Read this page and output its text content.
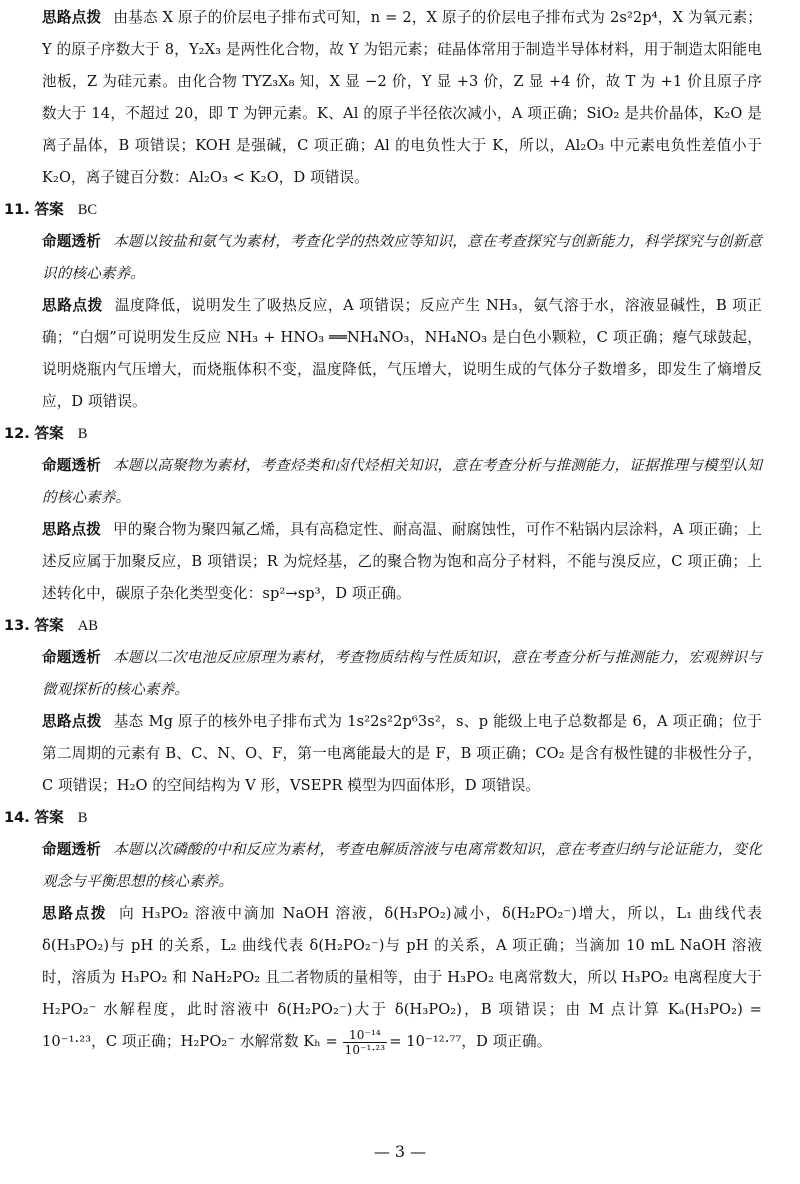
思路点拨 由基态 X 原子的价层电子排布式可知，n = 2，X 原子的价层电子排布式为 2s²2p⁴，X 为氧元素；Y 的原子序数大于 8，Y₂X₃ 是两性化合物，故 Y 为铝元素；硅晶体常用于制造半导体材料，用于制造太阳能电池板，Z 为硅元素。由化合物 TYZ₃X₈ 知，X 显 −2 价，Y 显 +3 价，Z 显 +4 价，故 T 为 +1 价且原子序数大于 14，不超过 20，即 T 为钾元素。K、Al 的原子半径依次减小，A 项正确；SiO₂ 是共价晶体，K₂O 是离子晶体，B 项错误；KOH 是强碱，C 项正确；Al 的电负性大于 K，所以，Al₂O₃ 中元素电负性差值小于 K₂O，离子键百分数：Al₂O₃ < K₂O，D 项错误。

11. 答案 BC

命题透析 本题以铵盐和氨气为素材，考查化学的热效应等知识，意在考查探究与创新能力，科学探究与创新意识的核心素养。

思路点拨 温度降低，说明发生了吸热反应，A 项错误；反应产生 NH₃，氨气溶于水，溶液显碱性，B 项正确；“白烟”可说明发生反应 NH₃ + HNO₃ ══NH₄NO₃，NH₄NO₃ 是白色小颗粒，C 项正确；瘪气球鼓起，说明烧瓶内气压增大，而烧瓶体积不变，温度降低，气压增大，说明生成的气体分子数增多，即发生了熵增反应，D 项错误。

12. 答案 B

命题透析 本题以高聚物为素材，考查烃类和卤代烃相关知识，意在考查分析与推测能力，证据推理与模型认知的核心素养。

思路点拨 甲的聚合物为聚四氟乙烯，具有高稳定性、耐高温、耐腐蚀性，可作不粘锅内层涂料，A 项正确；上述反应属于加聚反应，B 项错误；R 为烷烃基，乙的聚合物为饱和高分子材料，不能与溴反应，C 项正确；上述转化中，碳原子杂化类型变化：sp²→sp³，D 项正确。

13. 答案 AB

命题透析 本题以二次电池反应原理为素材，考查物质结构与性质知识，意在考查分析与推测能力，宏观辨识与微观探析的核心素养。

思路点拨 基态 Mg 原子的核外电子排布式为 1s²2s²2p⁶3s²，s、p 能级上电子总数都是 6，A 项正确；位于第二周期的元素有 B、C、N、O、F，第一电离能最大的是 F，B 项正确；CO₂ 是含有极性键的非极性分子，C 项错误；H₂O 的空间结构为 V 形，VSEPR 模型为四面体形，D 项错误。

14. 答案 B

命题透析 本题以次磷酸的中和反应为素材，考查电解质溶液与电离常数知识，意在考查归纳与论证能力，变化观念与平衡思想的核心素养。

思路点拨 向 H₃PO₂ 溶液中滴加 NaOH 溶液，δ(H₃PO₂)减小，δ(H₂PO₂⁻)增大，所以，L₁ 曲线代表 δ(H₃PO₂)与 pH 的关系，L₂ 曲线代表 δ(H₂PO₂⁻)与 pH 的关系，A 项正确；当滴加 10 mL NaOH 溶液时，溶质为 H₃PO₂ 和 NaH₂PO₂ 且二者物质的量相等，由于 H₃PO₂ 电离常数大，所以 H₃PO₂ 电离程度大于 H₂PO₂⁻ 水解程度，此时溶液中 δ(H₂PO₂⁻)大于 δ(H₃PO₂)，B 项错误；由 M 点计算 Kₐ(H₃PO₂) = 10⁻¹·²³，C 项正确；H₂PO₂⁻ 水解常数 $K_h = \frac{\text{10⁻¹⁴}}{\text{10⁻¹·²³}} = 10^{-12}\cdot^{77}$，D 项正确。

— 3 —
